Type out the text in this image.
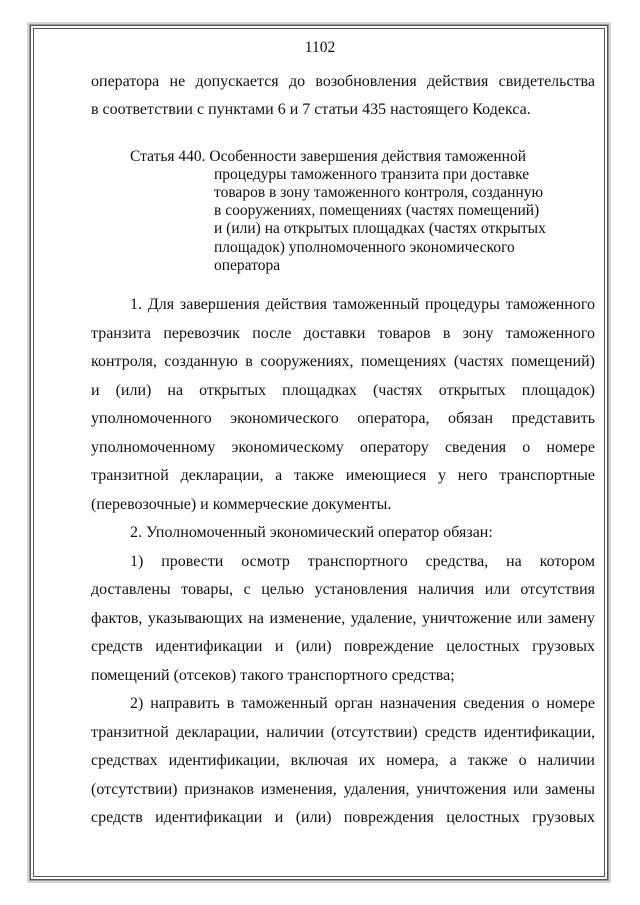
1102
оператора не допускается до возобновления действия свидетельства
в соответствии с пунктами 6 и 7 статьи 435 настоящего Кодекса.
Статья 440. Особенности завершения действия таможенной
процедуры таможенного транзита при доставке
товаров в зону таможенного контроля, созданную
в сооружениях, помещениях (частях помещений)
и (или) на открытых площадках (частях открытых
площадок) уполномоченного экономического
оператора
1. Для завершения действия таможенный процедуры таможенного
транзита перевозчик после доставки товаров в зону таможенного
контроля, созданную в сооружениях, помещениях (частях помещений)
и (или) на открытых площадках (частях открытых площадок)
уполномоченного экономического оператора, обязан представить
уполномоченному экономическому оператору сведения о номере
транзитной декларации, а также имеющиеся у него транспортные
(перевозочные) и коммерческие документы.
2. Уполномоченный экономический оператор обязан:
1) провести осмотр транспортного средства, на котором
доставлены товары, с целью установления наличия или отсутствия
фактов, указывающих на изменение, удаление, уничтожение или замену
средств идентификации и (или) повреждение целостных грузовых
помещений (отсеков) такого транспортного средства;
2) направить в таможенный орган назначения сведения о номере
транзитной декларации, наличии (отсутствии) средств идентификации,
средствах идентификации, включая их номера, а также о наличии
(отсутствии) признаков изменения, удаления, уничтожения или замены
средств идентификации и (или) повреждения целостных грузовых
